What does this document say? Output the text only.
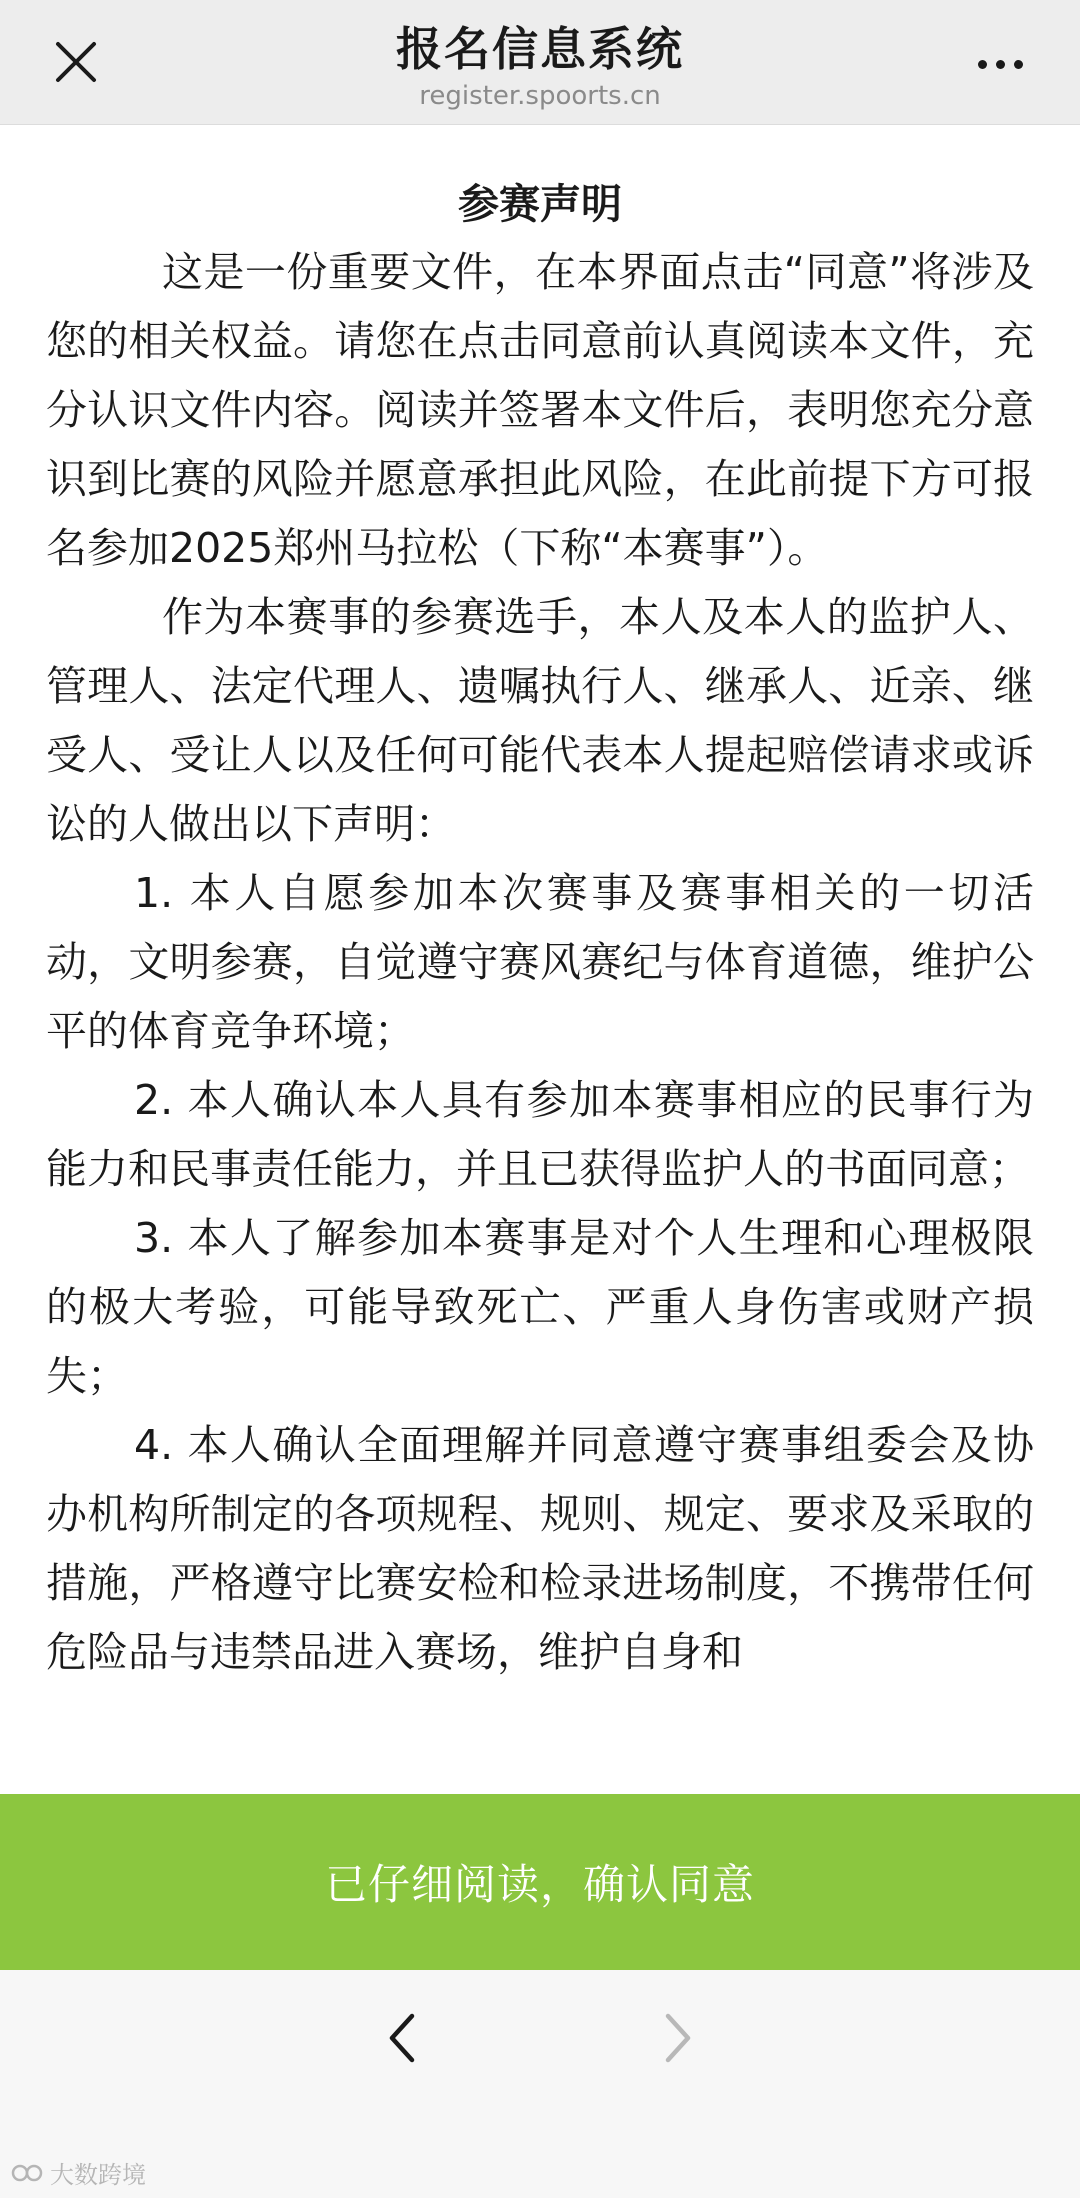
报名信息系统
register.spoorts.cn
参赛声明

这是一份重要文件，在本界面点击“同意”将涉及您的相关权益。请您在点击同意前认真阅读本文件，充分认识文件内容。阅读并签署本文件后，表明您充分意识到比赛的风险并愿意承担此风险，在此前提下方可报名参加2025郑州马拉松（下称“本赛事”）。

作为本赛事的参赛选手，本人及本人的监护人、管理人、法定代理人、遗嘱执行人、继承人、近亲、继受人、受让人以及任何可能代表本人提起赔偿请求或诉讼的人做出以下声明：

1. 本人自愿参加本次赛事及赛事相关的一切活动，文明参赛，自觉遵守赛风赛纪与体育道德，维护公平的体育竞争环境；

2. 本人确认本人具有参加本赛事相应的民事行为能力和民事责任能力，并且已获得监护人的书面同意；

3. 本人了解参加本赛事是对个人生理和心理极限的极大考验，可能导致死亡、严重人身伤害或财产损失；

4. 本人确认全面理解并同意遵守赛事组委会及协办机构所制定的各项规程、规则、规定、要求及采取的措施，严格遵守比赛安检和检录进场制度，不携带任何危险品与违禁品进入赛场，维护自身和

已仔细阅读，确认同意
大数跨境
